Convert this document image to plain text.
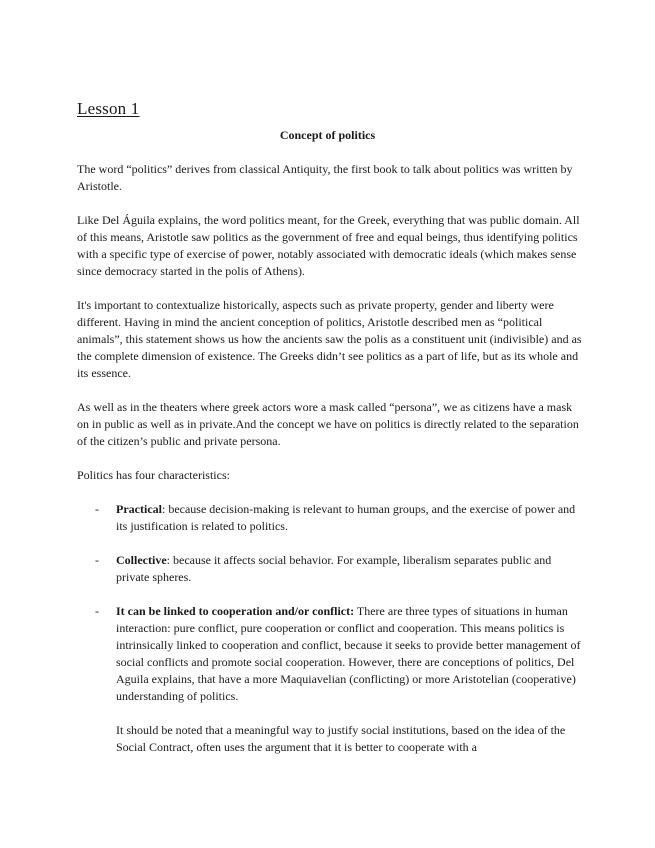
Lesson 1
Concept of politics

The word “politics” derives from classical Antiquity, the first book to talk about politics was written by Aristotle.

Like Del Águila explains, the word politics meant, for the Greek, everything that was public domain. All of this means, Aristotle saw politics as the government of free and equal beings, thus identifying politics with a specific type of exercise of power, notably associated with democratic ideals (which makes sense since democracy started in the polis of Athens).

It's important to contextualize historically, aspects such as private property, gender and liberty were different. Having in mind the ancient conception of politics, Aristotle described men as “political animals”, this statement shows us how the ancients saw the polis as a constituent unit (indivisible) and as the complete dimension of existence. The Greeks didn’t see politics as a part of life, but as its whole and its essence.

As well as in the theaters where greek actors wore a mask called “persona”, we as citizens have a mask on in public as well as in private.And the concept we have on politics is directly related to the separation of the citizen’s public and private persona.

Politics has four characteristics:

- Practical: because decision-making is relevant to human groups, and the exercise of power and its justification is related to politics.
- Collective: because it affects social behavior. For example, liberalism separates public and private spheres.
- It can be linked to cooperation and/or conflict: There are three types of situations in human interaction: pure conflict, pure cooperation or conflict and cooperation. This means politics is intrinsically linked to cooperation and conflict, because it seeks to provide better management of social conflicts and promote social cooperation. However, there are conceptions of politics, Del Aguila explains, that have a more Maquiavelian (conflicting) or more Aristotelian (cooperative) understanding of politics.

It should be noted that a meaningful way to justify social institutions, based on the idea of the Social Contract, often uses the argument that it is better to cooperate with a
